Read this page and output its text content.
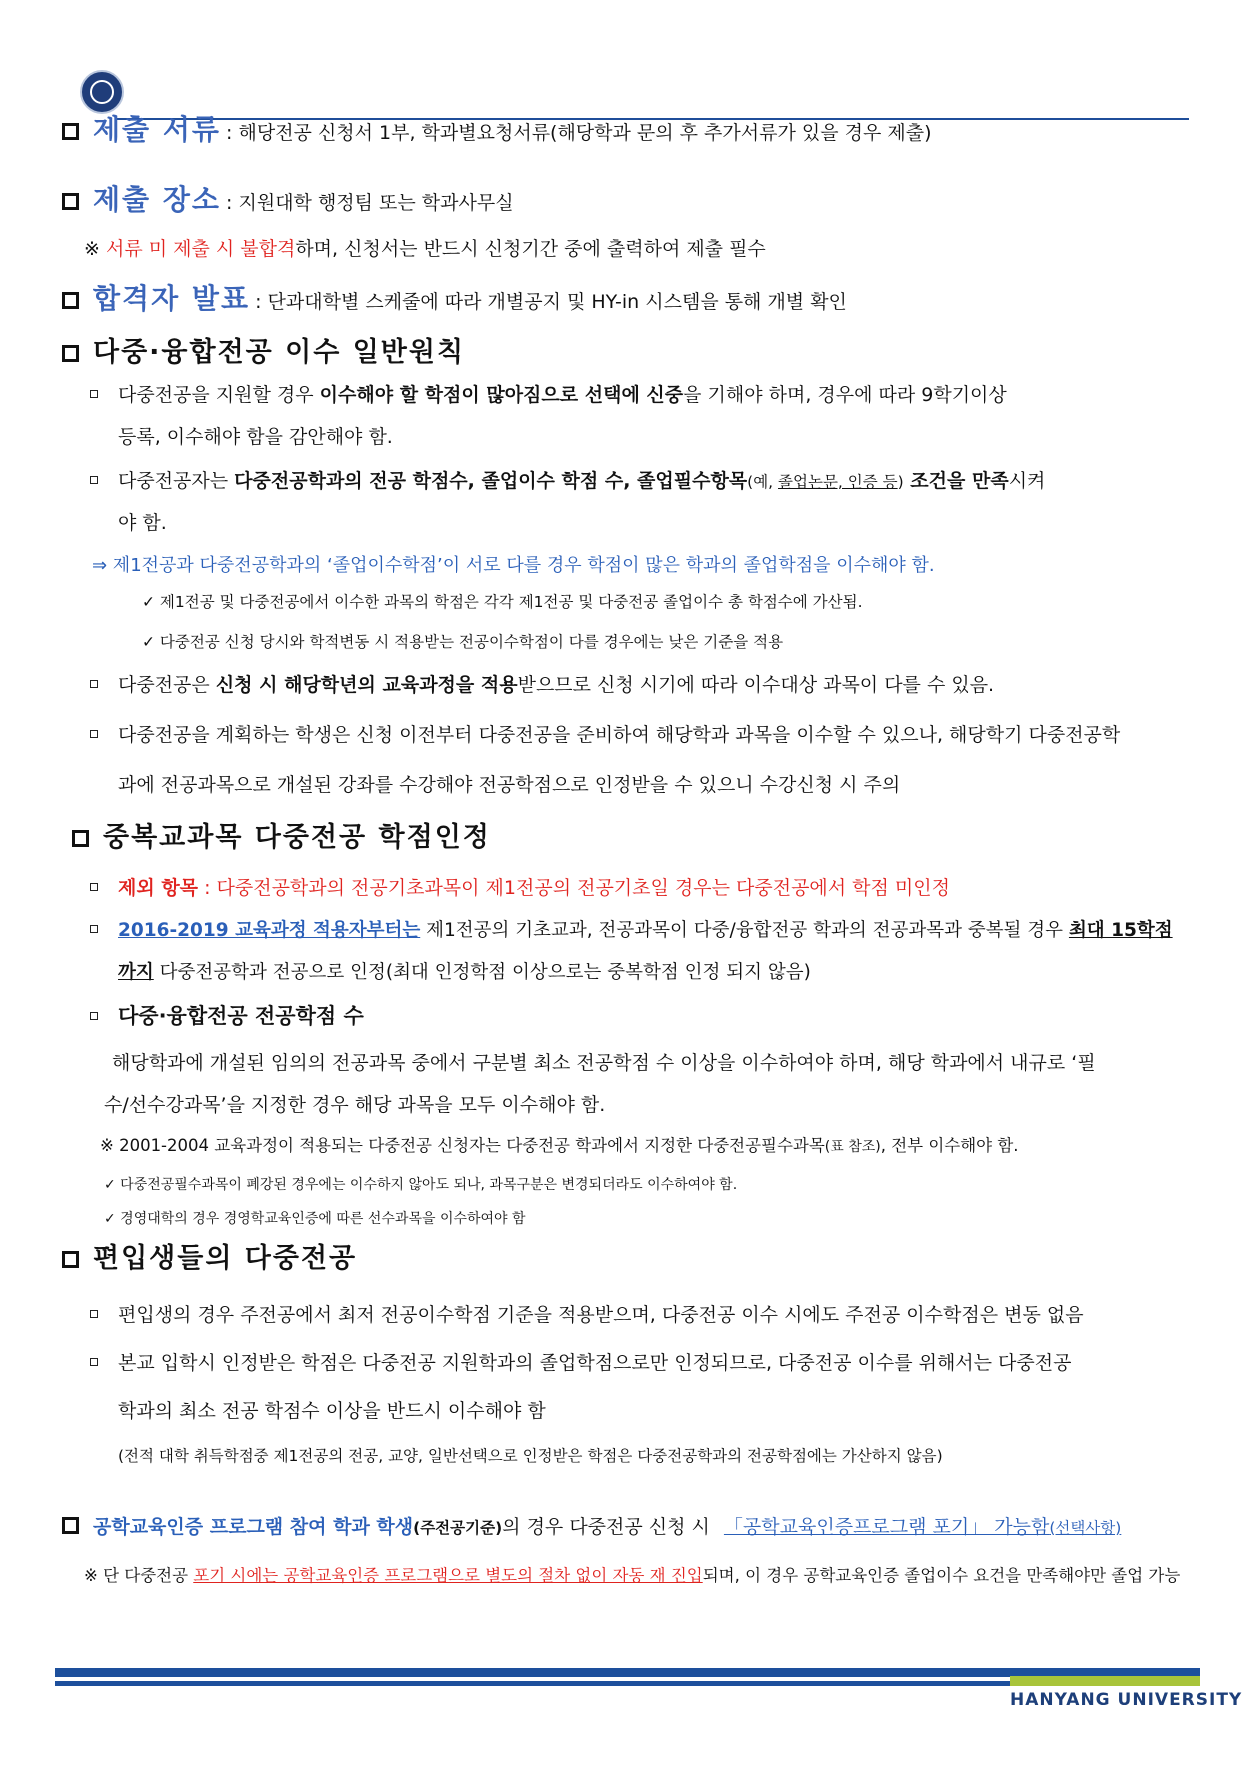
제출 서류 : 해당전공 신청서 1부, 학과별요청서류(해당학과 문의 후 추가서류가 있을 경우 제출)
제출 장소 : 지원대학 행정팀 또는 학과사무실
※ 서류 미 제출 시 불합격하며, 신청서는 반드시 신청기간 중에 출력하여 제출 필수
합격자 발표 : 단과대학별 스케줄에 따라 개별공지 및 HY-in 시스템을 통해 개별 확인
다중·융합전공 이수 일반원칙
다중전공을 지원할 경우 이수해야 할 학점이 많아짐으로 선택에 신중을 기해야 하며, 경우에 따라 9학기이상
등록, 이수해야 함을 감안해야 함.
다중전공자는 다중전공학과의 전공 학점수, 졸업이수 학점 수, 졸업필수항목(예, 졸업논문, 인증 등) 조건을 만족시켜
야 함.
⇒ 제1전공과 다중전공학과의 ‘졸업이수학점’이 서로 다를 경우 학점이 많은 학과의 졸업학점을 이수해야 함.
✓ 제1전공 및 다중전공에서 이수한 과목의 학점은 각각 제1전공 및 다중전공 졸업이수 총 학점수에 가산됨.
✓ 다중전공 신청 당시와 학적변동 시 적용받는 전공이수학점이 다를 경우에는 낮은 기준을 적용
다중전공은 신청 시 해당학년의 교육과정을 적용받으므로 신청 시기에 따라 이수대상 과목이 다를 수 있음.
다중전공을 계획하는 학생은 신청 이전부터 다중전공을 준비하여 해당학과 과목을 이수할 수 있으나, 해당학기 다중전공학
과에 전공과목으로 개설된 강좌를 수강해야 전공학점으로 인정받을 수 있으니 수강신청 시 주의
중복교과목 다중전공 학점인정
제외 항목 : 다중전공학과의 전공기초과목이 제1전공의 전공기초일 경우는 다중전공에서 학점 미인정
2016-2019 교육과정 적용자부터는 제1전공의 기초교과, 전공과목이 다중/융합전공 학과의 전공과목과 중복될 경우 최대 15학점
까지 다중전공학과 전공으로 인정(최대 인정학점 이상으로는 중복학점 인정 되지 않음)
다중·융합전공 전공학점 수
해당학과에 개설된 임의의 전공과목 중에서 구분별 최소 전공학점 수 이상을 이수하여야 하며, 해당 학과에서 내규로 ‘필
수/선수강과목’을 지정한 경우 해당 과목을 모두 이수해야 함.
※ 2001-2004 교육과정이 적용되는 다중전공 신청자는 다중전공 학과에서 지정한 다중전공필수과목(표 참조), 전부 이수해야 함.
✓ 다중전공필수과목이 폐강된 경우에는 이수하지 않아도 되나, 과목구분은 변경되더라도 이수하여야 함.
✓ 경영대학의 경우 경영학교육인증에 따른 선수과목을 이수하여야 함
편입생들의 다중전공
편입생의 경우 주전공에서 최저 전공이수학점 기준을 적용받으며, 다중전공 이수 시에도 주전공 이수학점은 변동 없음
본교 입학시 인정받은 학점은 다중전공 지원학과의 졸업학점으로만 인정되므로, 다중전공 이수를 위해서는 다중전공
학과의 최소 전공 학점수 이상을 반드시 이수해야 함
(전적 대학 취득학점중 제1전공의 전공, 교양, 일반선택으로 인정받은 학점은 다중전공학과의 전공학점에는 가산하지 않음)
공학교육인증 프로그램 참여 학과 학생(주전공기준)의 경우 다중전공 신청 시 「공학교육인증프로그램 포기」 가능함(선택사항)
※ 단 다중전공 포기 시에는 공학교육인증 프로그램으로 별도의 절차 없이 자동 재 진입되며, 이 경우 공학교육인증 졸업이수 요건을 만족해야만 졸업 가능
HANYANG UNIVERSITY
